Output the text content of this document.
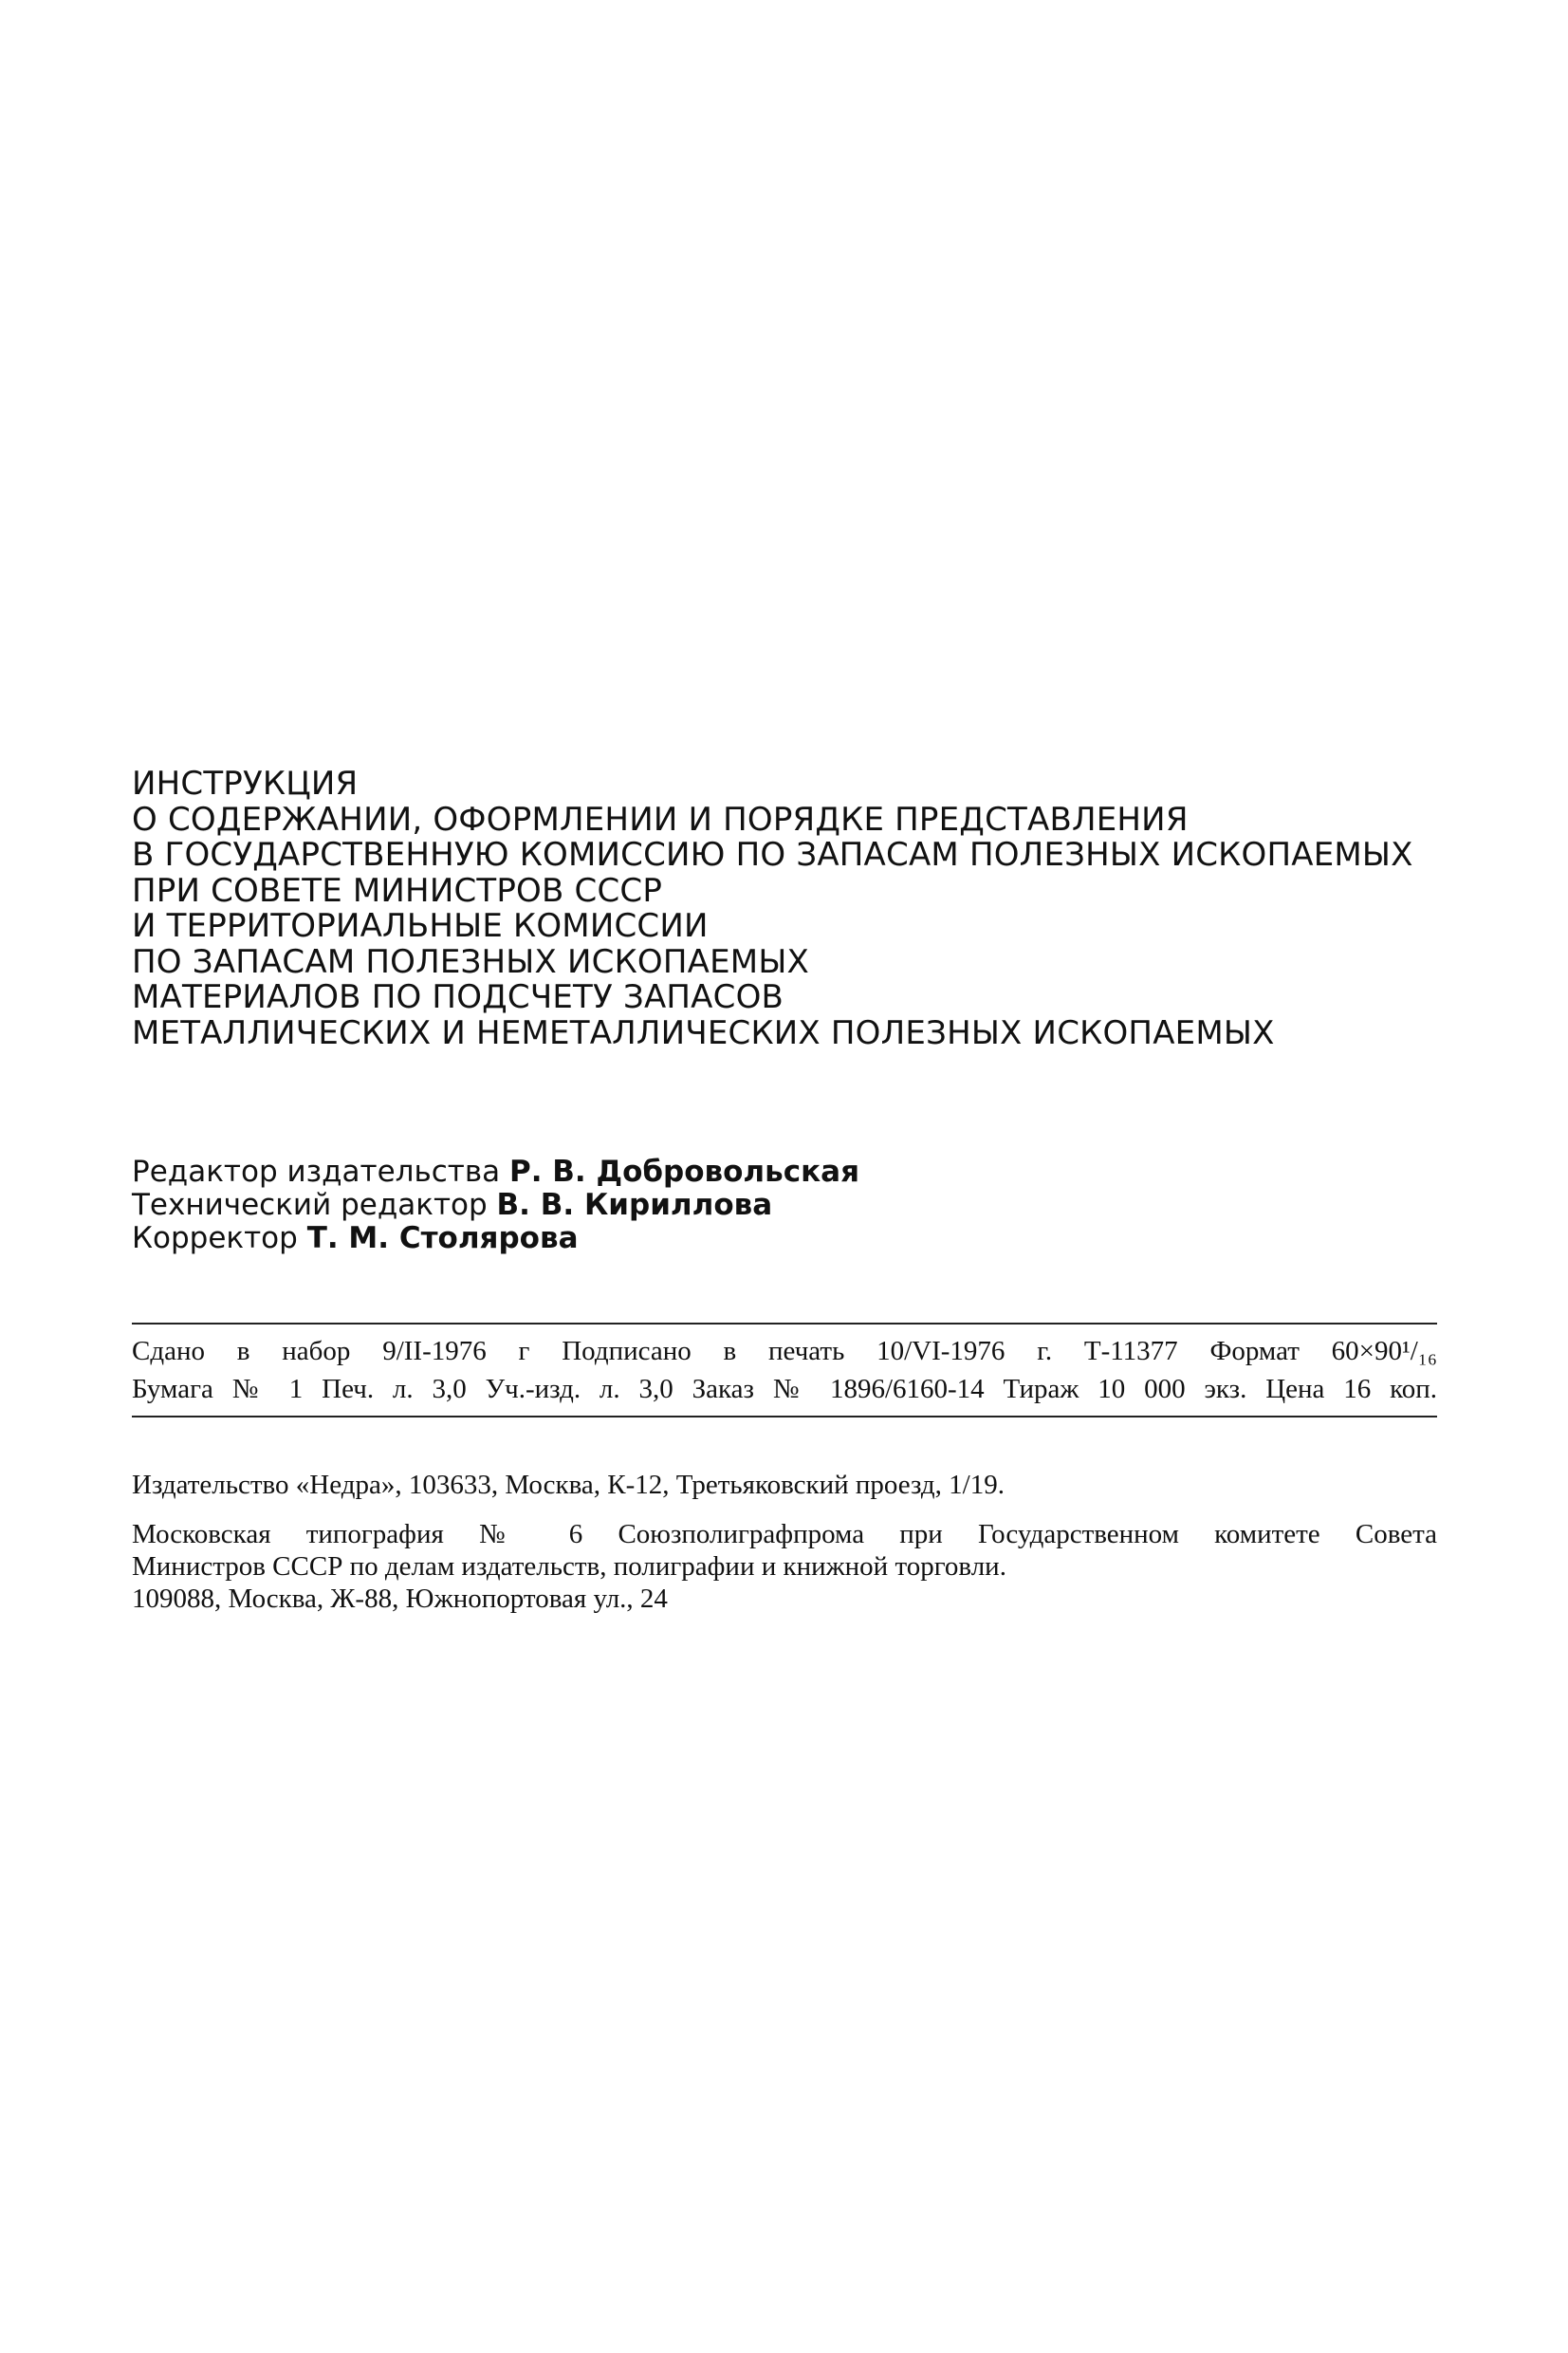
ИНСТРУКЦИЯ
О СОДЕРЖАНИИ, ОФОРМЛЕНИИ И ПОРЯДКЕ ПРЕДСТАВЛЕНИЯ
В ГОСУДАРСТВЕННУЮ КОМИССИЮ ПО ЗАПАСАМ ПОЛЕЗНЫХ ИСКОПАЕМЫХ
ПРИ СОВЕТЕ МИНИСТРОВ СССР
И ТЕРРИТОРИАЛЬНЫЕ КОМИССИИ
ПО ЗАПАСАМ ПОЛЕЗНЫХ ИСКОПАЕМЫХ
МАТЕРИАЛОВ ПО ПОДСЧЕТУ ЗАПАСОВ
МЕТАЛЛИЧЕСКИХ И НЕМЕТАЛЛИЧЕСКИХ ПОЛЕЗНЫХ ИСКОПАЕМЫХ
Редактор издательства Р. В. Добровольская
Технический редактор В. В. Кириллова
Корректор Т. М. Столярова
Сдано в набор 9/II-1976 г Подписано в печать 10/VI-1976 г. Т-11377 Формат 60×90¹/₁₆
Бумага № 1 Печ. л. 3,0 Уч.-изд. л. 3,0 Заказ № 1896/6160-14 Тираж 10 000 экз. Цена 16 коп.
Издательство «Недра», 103633, Москва, К-12, Третьяковский проезд, 1/19.
Московская типография № 6 Союзполиграфпрома при Государственном комитете Совета
Министров СССР по делам издательств, полиграфии и книжной торговли.
109088, Москва, Ж-88, Южнопортовая ул., 24
